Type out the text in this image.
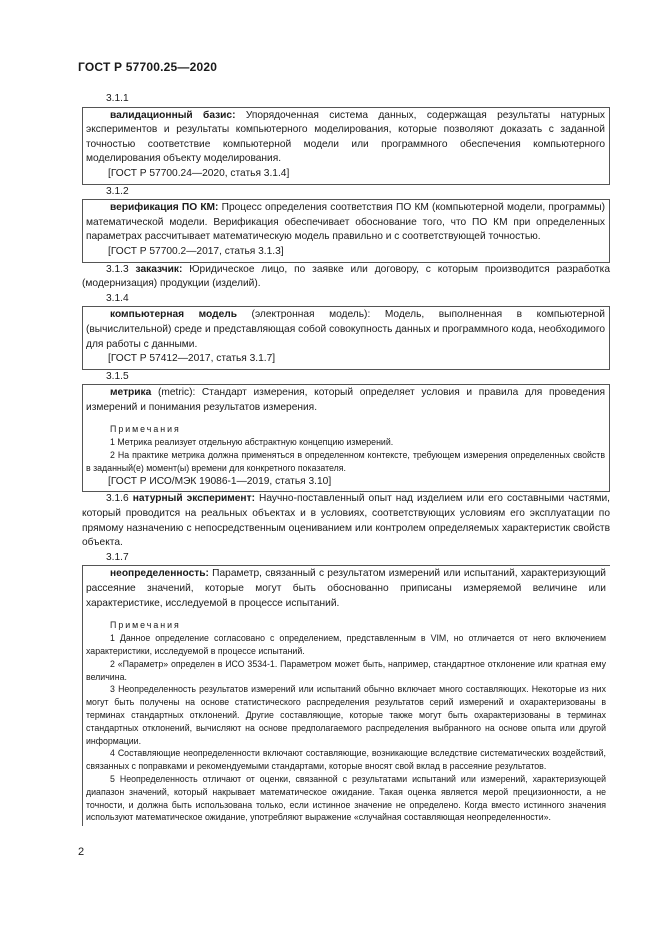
ГОСТ Р 57700.25—2020
3.1.1
валидационный базис: Упорядоченная система данных, содержащая результаты натурных экспериментов и результаты компьютерного моделирования, которые позволяют доказать с заданной точностью соответствие компьютерной модели или программного обеспечения компьютерного моделирования объекту моделирования.
[ГОСТ Р 57700.24—2020, статья 3.1.4]
3.1.2
верификация ПО КМ: Процесс определения соответствия ПО КМ (компьютерной модели, программы) математической модели. Верификация обеспечивает обоснование того, что ПО КМ при определенных параметрах рассчитывает математическую модель правильно и с соответствующей точностью.
[ГОСТ Р 57700.2—2017, статья 3.1.3]
3.1.3 заказчик: Юридическое лицо, по заявке или договору, с которым производится разработка (модернизация) продукции (изделий).
3.1.4
компьютерная модель (электронная модель): Модель, выполненная в компьютерной (вычислительной) среде и представляющая собой совокупность данных и программного кода, необходимого для работы с данными.
[ГОСТ Р 57412—2017, статья 3.1.7]
3.1.5
метрика (metric): Стандарт измерения, который определяет условия и правила для проведения измерений и понимания результатов измерения.
Примечания
1 Метрика реализует отдельную абстрактную концепцию измерений.
2 На практике метрика должна применяться в определенном контексте, требующем измерения определенных свойств в заданный(е) момент(ы) времени для конкретного показателя.
[ГОСТ Р ИСО/МЭК 19086-1—2019, статья 3.10]
3.1.6 натурный эксперимент: Научно-поставленный опыт над изделием или его составными частями, который проводится на реальных объектах и в условиях, соответствующих условиям его эксплуатации по прямому назначению с непосредственным оцениванием или контролем определяемых характеристик свойств объекта.
3.1.7
неопределенность: Параметр, связанный с результатом измерений или испытаний, характеризующий рассеяние значений, которые могут быть обоснованно приписаны измеряемой величине или характеристике, исследуемой в процессе испытаний.
Примечания
1 Данное определение согласовано с определением, представленным в VIM, но отличается от него включением характеристики, исследуемой в процессе испытаний.
2 «Параметр» определен в ИСО 3534-1. Параметром может быть, например, стандартное отклонение или кратная ему величина.
3 Неопределенность результатов измерений или испытаний обычно включает много составляющих. Некоторые из них могут быть получены на основе статистического распределения результатов серий измерений и охарактеризованы в терминах стандартных отклонений. Другие составляющие, которые также могут быть охарактеризованы в терминах стандартных отклонений, вычисляют на основе предполагаемого распределения выбранного на основе опыта или другой информации.
4 Составляющие неопределенности включают составляющие, возникающие вследствие систематических воздействий, связанных с поправками и рекомендуемыми стандартами, которые вносят свой вклад в рассеяние результатов.
5 Неопределенность отличают от оценки, связанной с результатами испытаний или измерений, характеризующей диапазон значений, который накрывает математическое ожидание. Такая оценка является мерой прецизионности, а не точности, и должна быть использована только, если истинное значение не определено. Когда вместо истинного значения используют математическое ожидание, употребляют выражение «случайная составляющая неопределенности».
2
